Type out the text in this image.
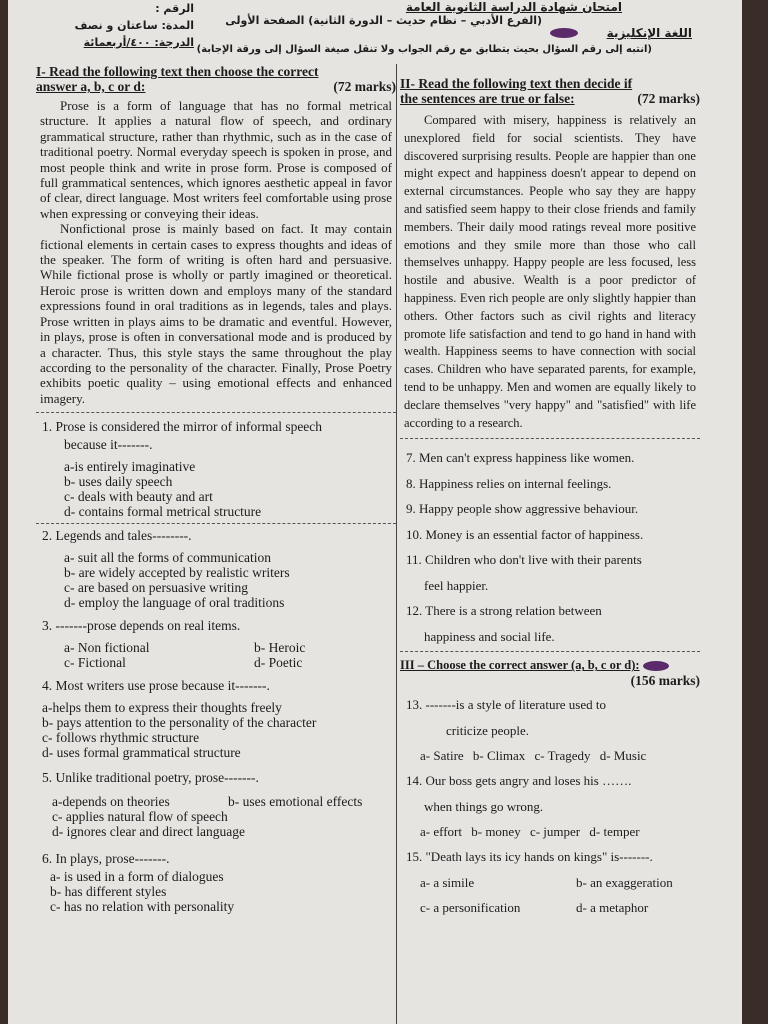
امتحان شهادة الدراسة الثانوية العامة
(الفرع الأدبي – نظام حديث – الدورة الثانية) الصفحة الأولى
اللغة الإنكليزية
الرقم :
المدة: ساعتان و نصف
الدرجة: ٤٠٠/أربعمائة
(انتبه إلى رقم السؤال بحيث يتطابق مع رقم الجواب ولا تنقل صيغة السؤال إلى ورقة الإجابة)
I- Read the following text then choose the correct
answer a, b, c or d:	(72 marks)

Prose is a form of language that has no formal metrical structure. It applies a natural flow of speech, and ordinary grammatical structure, rather than rhythmic, such as in the case of traditional poetry. Normal everyday speech is spoken in prose, and most people think and write in prose form. Prose is composed of full grammatical sentences, which ignores aesthetic appeal in favor of clear, direct language. Most writers feel comfortable using prose when expressing or conveying their ideas.

Nonfictional prose is mainly based on fact. It may contain fictional elements in certain cases to express thoughts and ideas of the speaker. The form of writing is often hard and persuasive. While fictional prose is wholly or partly imagined or theoretical. Heroic prose is written down and employs many of the standard expressions found in oral traditions as in legends, tales and plays. Prose written in plays aims to be dramatic and eventful. However, in plays, prose is often in conversational mode and is produced by a character. Thus, this style stays the same throughout the play according to the personality of the character. Finally, Prose Poetry exhibits poetic quality – using emotional effects and enhanced imagery.

1. Prose is considered the mirror of informal speech
because it-------.
a-is entirely imaginative
b- uses daily speech
c- deals with beauty and art
d- contains formal metrical structure
2. Legends and tales--------.
a- suit all the forms of communication
b- are widely accepted by realistic writers
c- are based on persuasive writing
d- employ the language of oral traditions
3. -------prose depends on real items.
a- Non fictional	b- Heroic
c- Fictional	d- Poetic
4. Most writers use prose because it-------.
a-helps them to express their thoughts freely
b- pays attention to the personality of the character
c- follows rhythmic structure
d- uses formal grammatical structure
5. Unlike traditional poetry, prose-------.
a-depends on theories	b- uses emotional effects
c- applies natural flow of speech
d- ignores clear and direct language
6. In plays, prose-------.
a- is used in a form of dialogues
b- has different styles
c- has no relation with personality
II- Read the following text then decide if
the sentences are true or false:	(72 marks)

Compared with misery, happiness is relatively an unexplored field for social scientists. They have discovered surprising results. People are happier than one might expect and happiness doesn't appear to depend on external circumstances. People who say they are happy and satisfied seem happy to their close friends and family members. Their daily mood ratings reveal more positive emotions and they smile more than those who call themselves unhappy. Happy people are less focused, less hostile and abusive. Wealth is a poor predictor of happiness. Even rich people are only slightly happier than others. Other factors such as civil rights and literacy promote life satisfaction and tend to go hand in hand with wealth. Happiness seems to have connection with social cases. Children who have separated parents, for example, tend to be unhappy. Men and women are equally likely to declare themselves "very happy" and "satisfied" with life according to a research.

7. Men can't express happiness like women.
8. Happiness relies on internal feelings.
9. Happy people show aggressive behaviour.
10. Money is an essential factor of happiness.
11. Children who don't live with their parents
feel happier.
12. There is a strong relation between
happiness and social life.
III – Choose the correct answer (a, b, c or d):

(156 marks)
13. -------is a style of literature used to
criticize people.
a- Satire b- Climax c- Tragedy d- Music
14. Our boss gets angry and loses his …….
when things go wrong.
a- effort b- money c- jumper d- temper
15. "Death lays its icy hands on kings" is-------.
a- a simile	b- an exaggeration
c- a personification	d- a metaphor
